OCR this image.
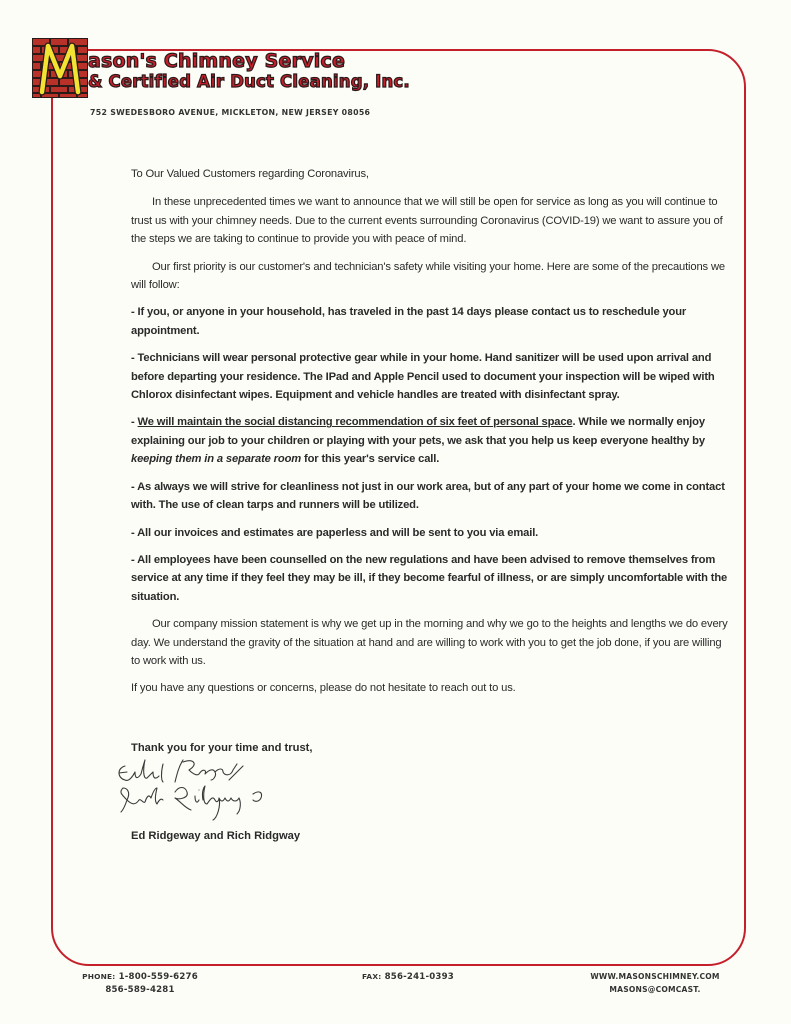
ason's Chimney Service
& Certified Air Duct Cleaning, Inc.
752 SWEDESBORO AVENUE, MICKLETON, NEW JERSEY 08056

To Our Valued Customers regarding Coronavirus,

In these unprecedented times we want to announce that we will still be open for service as long as you will continue to trust us with your chimney needs. Due to the current events surrounding Coronavirus (COVID-19) we want to assure you of the steps we are taking to continue to provide you with peace of mind.

Our first priority is our customer's and technician's safety while visiting your home. Here are some of the precautions we will follow:

- If you, or anyone in your household, has traveled in the past 14 days please contact us to reschedule your appointment.

- Technicians will wear personal protective gear while in your home. Hand sanitizer will be used upon arrival and before departing your residence. The IPad and Apple Pencil used to document your inspection will be wiped with Chlorox disinfectant wipes. Equipment and vehicle handles are treated with disinfectant spray.

- We will maintain the social distancing recommendation of six feet of personal space. While we normally enjoy explaining our job to your children or playing with your pets, we ask that you help us keep everyone healthy by keeping them in a separate room for this year's service call.

- As always we will strive for cleanliness not just in our work area, but of any part of your home we come in contact with. The use of clean tarps and runners will be utilized.

- All our invoices and estimates are paperless and will be sent to you via email.

- All employees have been counselled on the new regulations and have been advised to remove themselves from service at any time if they feel they may be ill, if they become fearful of illness, or are simply uncomfortable with the situation.

Our company mission statement is why we get up in the morning and why we go to the heights and lengths we do every day. We understand the gravity of the situation at hand and are willing to work with you to get the job done, if you are willing to work with us.

If you have any questions or concerns, please do not hesitate to reach out to us.

Thank you for your time and trust,
Ed Ridgeway and Rich Ridgway
PHONE: 1-800-559-6276
856-589-4281
FAX: 856-241-0393	WWW.MASONSCHIMNEY.COM
MASONS@COMCAST.
